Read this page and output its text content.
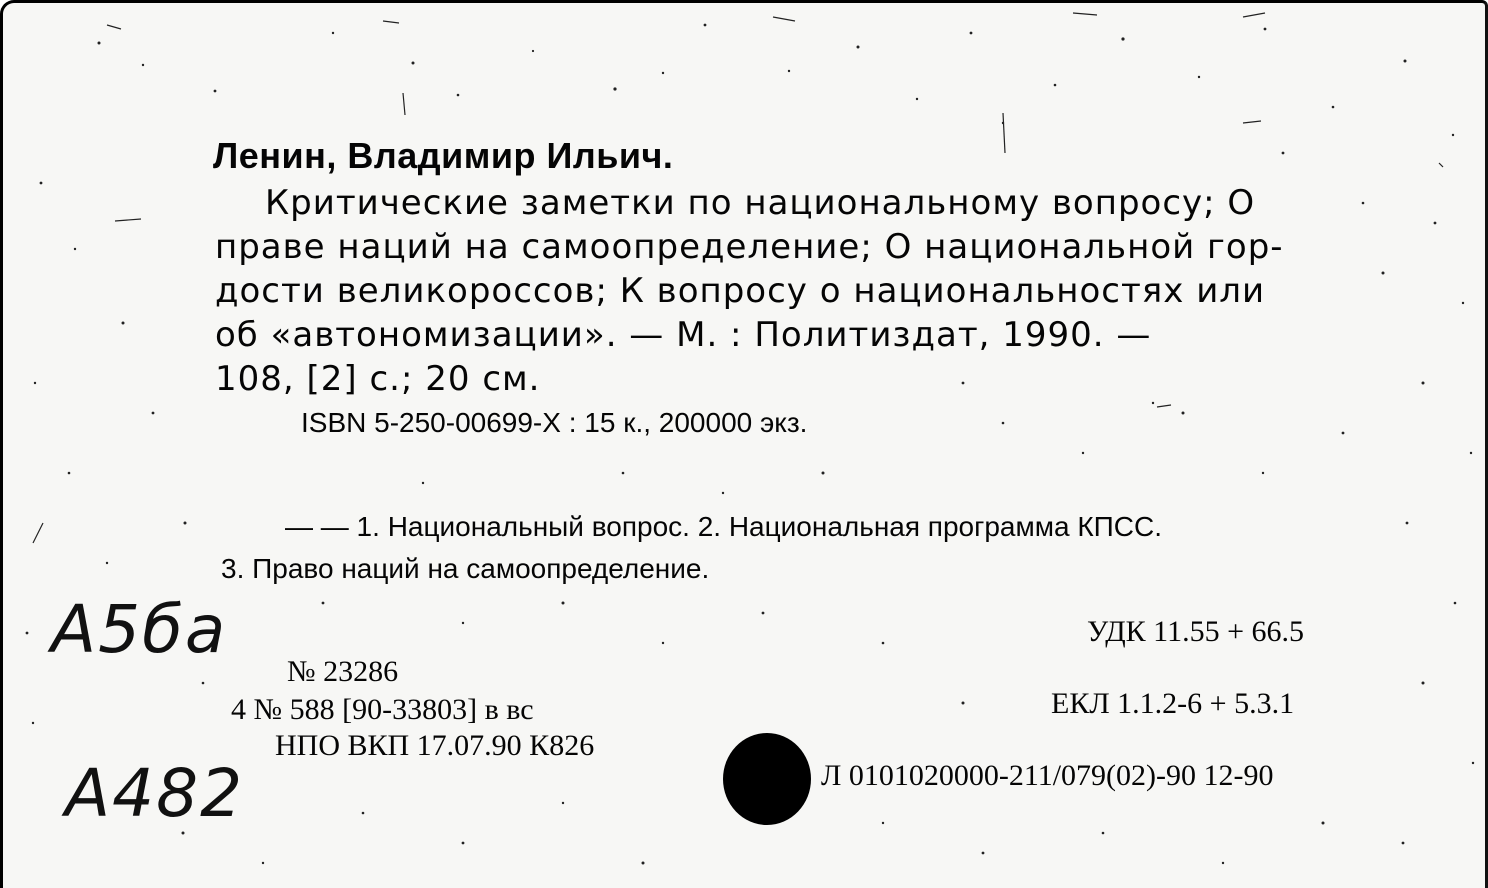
Ленин, Владимир Ильич.
Критические заметки по национальному вопросу; О
праве наций на самоопределение; О национальной гор-
дости великороссов; К вопросу о национальностях или
об «автономизации». — М. : Политиздат, 1990. —
108, [2] с.; 20 см.
ISBN 5-250-00699-X : 15 к., 200000 экз.
— — 1. Национальный вопрос. 2. Национальная программа КПСС.
3. Право наций на самоопределение.
№ 23286
4 № 588 [90-33803] в вс
НПО ВКП 17.07.90 К826
УДК 11.55 + 66.5
ЕКЛ 1.1.2-6 + 5.3.1
Л 0101020000-211/079(02)-90 12-90
А5ба
А482
